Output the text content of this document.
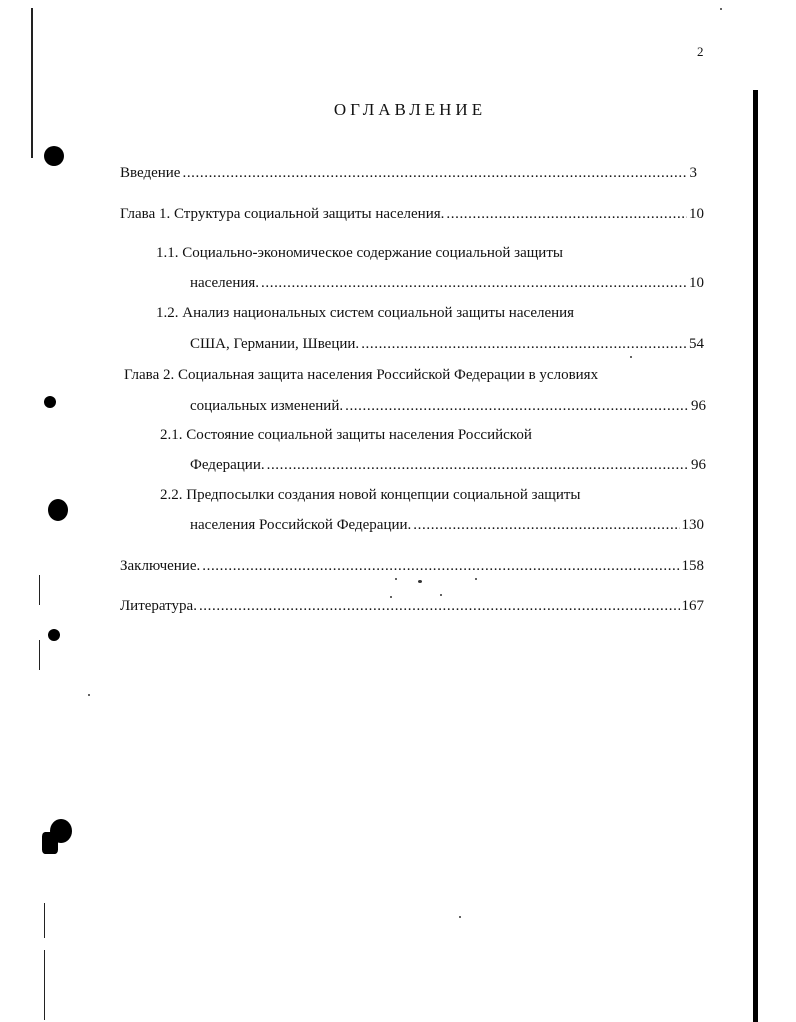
2
ОГЛАВЛЕНИЕ
Введение .....	3
Глава 1. Структура социальной защиты населения. .....	10
1.1. Социально-экономическое содержание социальной защиты
населения. .....	10
1.2. Анализ национальных систем социальной защиты населения
США, Германии, Швеции. .....	54
Глава 2. Социальная защита населения Российской Федерации в условиях
социальных изменений. .....	96
2.1. Состояние социальной защиты населения Российской
Федерации. .....	96
2.2. Предпосылки создания новой концепции социальной защиты
населения Российской Федерации. .....	130
Заключение. .....	158
Литература. .....	167
